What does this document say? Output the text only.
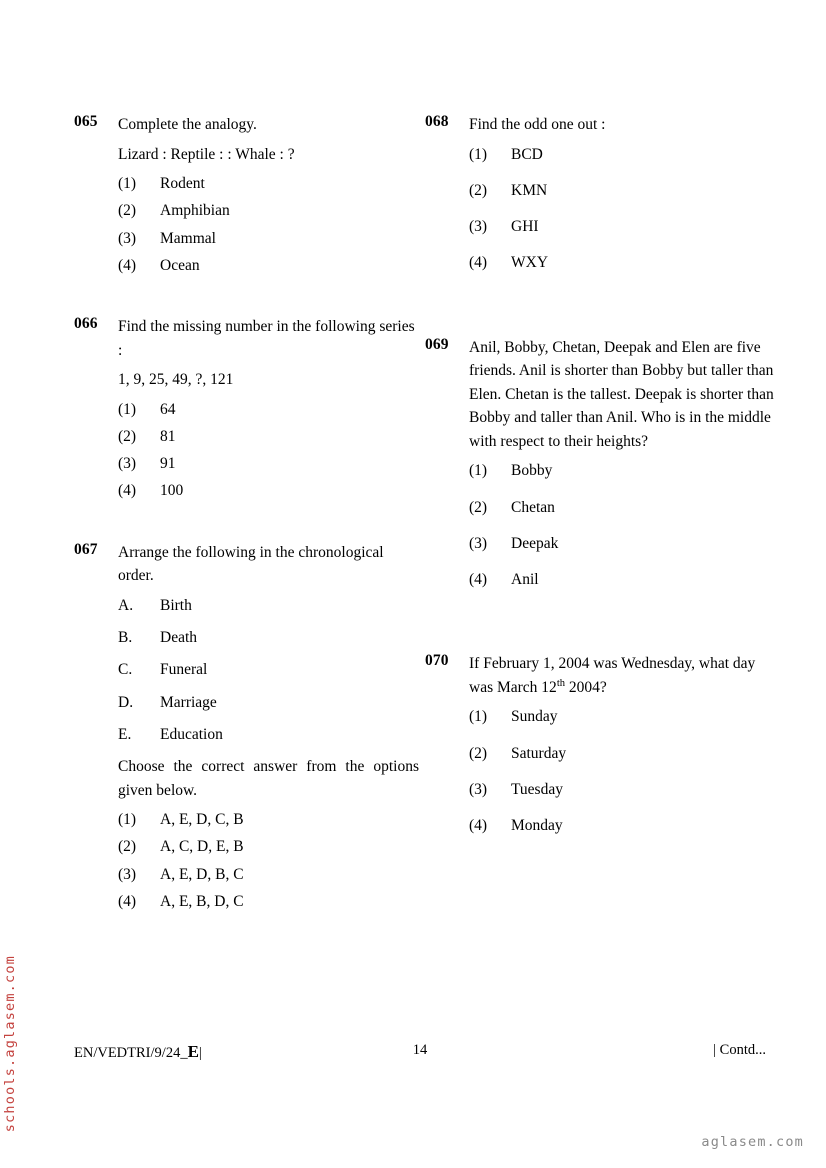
065 Complete the analogy.
Lizard : Reptile : : Whale : ?
(1) Rodent
(2) Amphibian
(3) Mammal
(4) Ocean
066 Find the missing number in the following series :
1, 9, 25, 49, ?, 121
(1) 64
(2) 81
(3) 91
(4) 100
067 Arrange the following in the chronological order.
A. Birth
B. Death
C. Funeral
D. Marriage
E. Education
Choose the correct answer from the options given below.
(1) A, E, D, C, B
(2) A, C, D, E, B
(3) A, E, D, B, C
(4) A, E, B, D, C
068 Find the odd one out :
(1) BCD
(2) KMN
(3) GHI
(4) WXY
069 Anil, Bobby, Chetan, Deepak and Elen are five friends. Anil is shorter than Bobby but taller than Elen. Chetan is the tallest. Deepak is shorter than Bobby and taller than Anil. Who is in the middle with respect to their heights?
(1) Bobby
(2) Chetan
(3) Deepak
(4) Anil
070 If February 1, 2004 was Wednesday, what day was March 12th 2004?
(1) Sunday
(2) Saturday
(3) Tuesday
(4) Monday
EN/VEDTRI/9/24_E|	14	| Contd...
schools.aglasem.com
aglasem.com
